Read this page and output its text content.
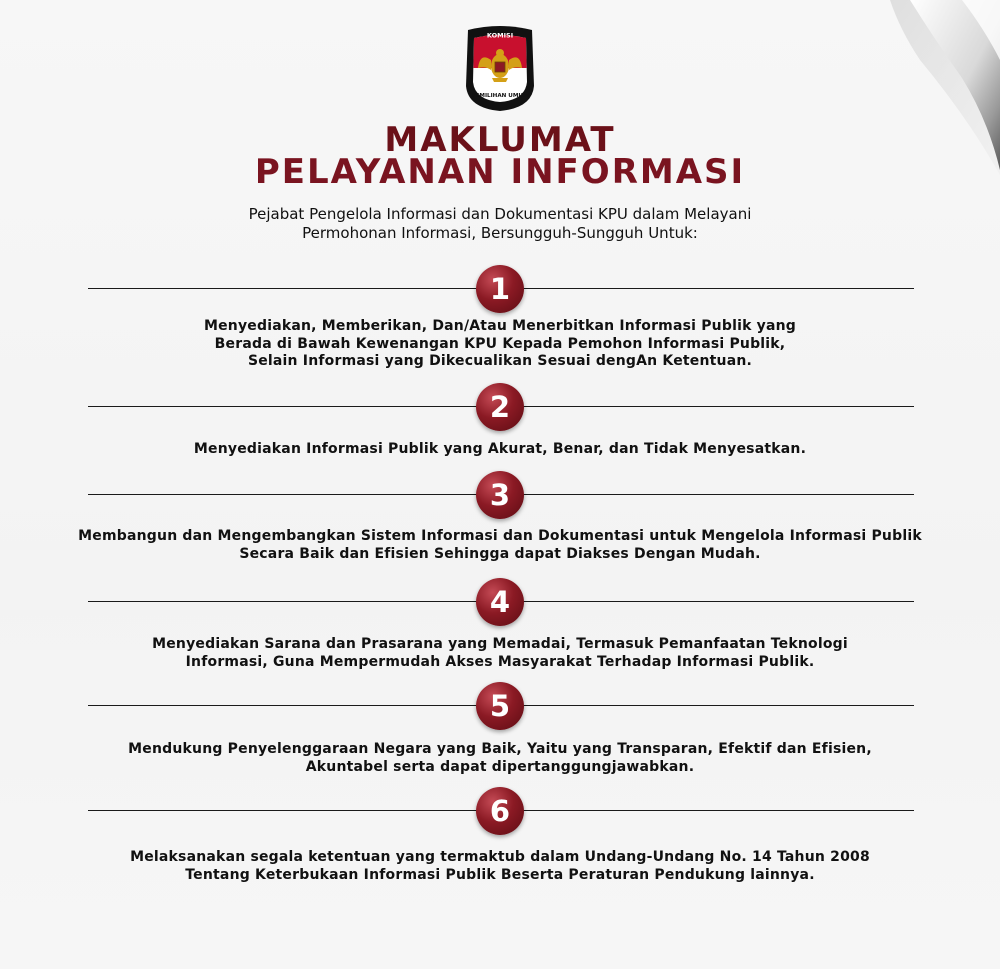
KOMISI
PEMILIHAN UMUM
MAKLUMAT
PELAYANAN INFORMASI
Pejabat Pengelola Informasi dan Dokumentasi KPU dalam Melayani
Permohonan Informasi, Bersungguh-Sungguh Untuk:
1
Menyediakan, Memberikan, Dan/Atau Menerbitkan Informasi Publik yang
Berada di Bawah Kewenangan KPU Kepada Pemohon Informasi Publik,
Selain Informasi yang Dikecualikan Sesuai dengAn Ketentuan.
2
Menyediakan Informasi Publik yang Akurat, Benar, dan Tidak Menyesatkan.
3
Membangun dan Mengembangkan Sistem Informasi dan Dokumentasi untuk Mengelola Informasi Publik
Secara Baik dan Efisien Sehingga dapat Diakses Dengan Mudah.
4
Menyediakan Sarana dan Prasarana yang Memadai, Termasuk Pemanfaatan Teknologi
Informasi, Guna Mempermudah Akses Masyarakat Terhadap Informasi Publik.
5
Mendukung Penyelenggaraan Negara yang Baik, Yaitu yang Transparan, Efektif dan Efisien,
Akuntabel serta dapat dipertanggungjawabkan.
6
Melaksanakan segala ketentuan yang termaktub dalam Undang-Undang No. 14 Tahun 2008
Tentang Keterbukaan Informasi Publik Beserta Peraturan Pendukung lainnya.
